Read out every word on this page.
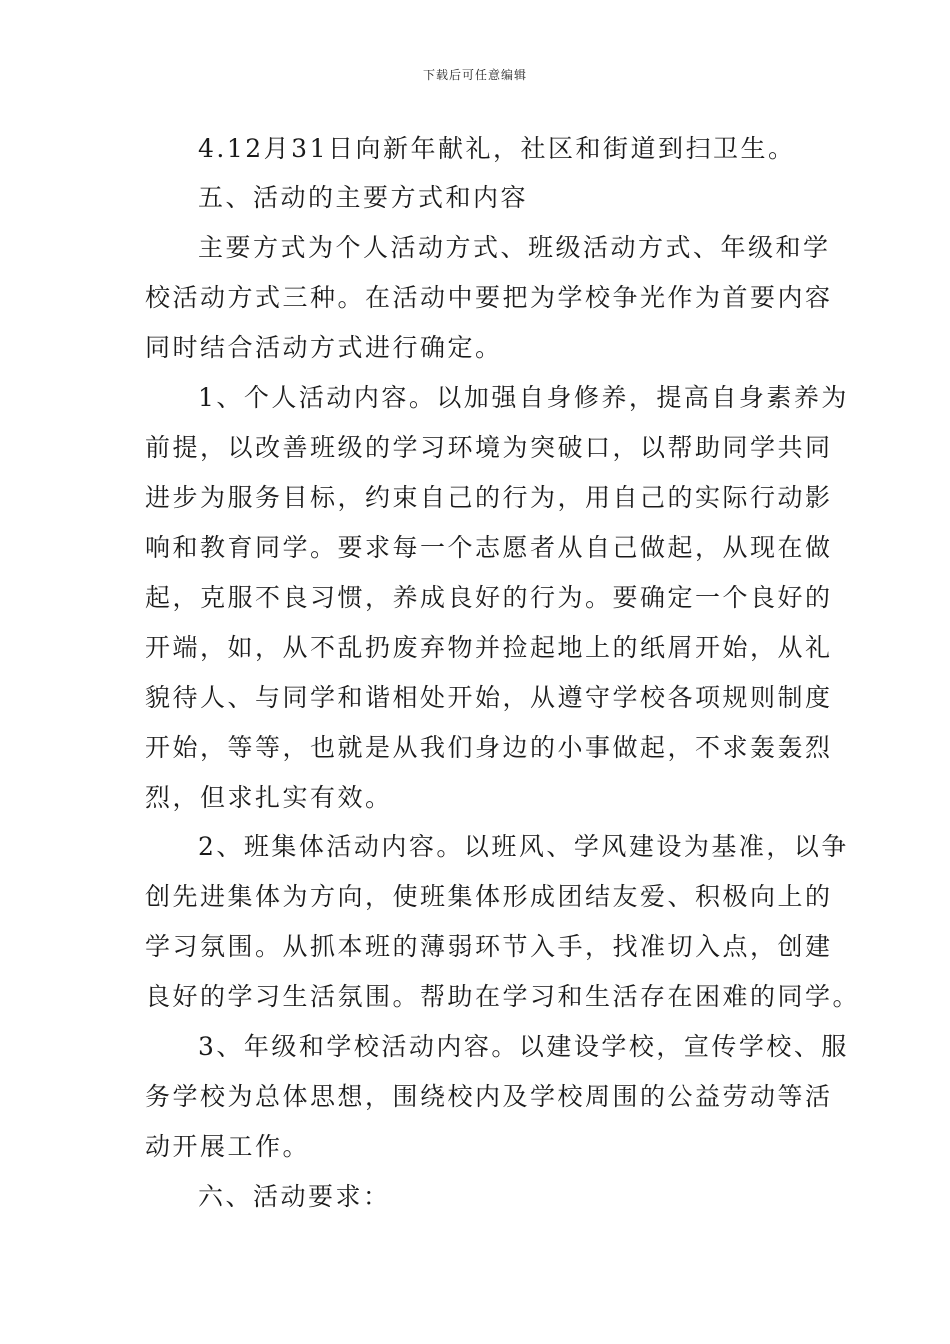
下载后可任意编辑
4.12月31日向新年献礼，社区和街道到扫卫生。
五、活动的主要方式和内容
主要方式为个人活动方式、班级活动方式、年级和学
校活动方式三种。在活动中要把为学校争光作为首要内容
同时结合活动方式进行确定。
1、个人活动内容。以加强自身修养，提高自身素养为
前提，以改善班级的学习环境为突破口，以帮助同学共同
进步为服务目标，约束自己的行为，用自己的实际行动影
响和教育同学。要求每一个志愿者从自己做起，从现在做
起，克服不良习惯，养成良好的行为。要确定一个良好的
开端，如，从不乱扔废弃物并捡起地上的纸屑开始，从礼
貌待人、与同学和谐相处开始，从遵守学校各项规则制度
开始，等等，也就是从我们身边的小事做起，不求轰轰烈
烈，但求扎实有效。
2、班集体活动内容。以班风、学风建设为基准，以争
创先进集体为方向，使班集体形成团结友爱、积极向上的
学习氛围。从抓本班的薄弱环节入手，找准切入点，创建
良好的学习生活氛围。帮助在学习和生活存在困难的同学。
3、年级和学校活动内容。以建设学校，宣传学校、服
务学校为总体思想，围绕校内及学校周围的公益劳动等活
动开展工作。
六、活动要求：
